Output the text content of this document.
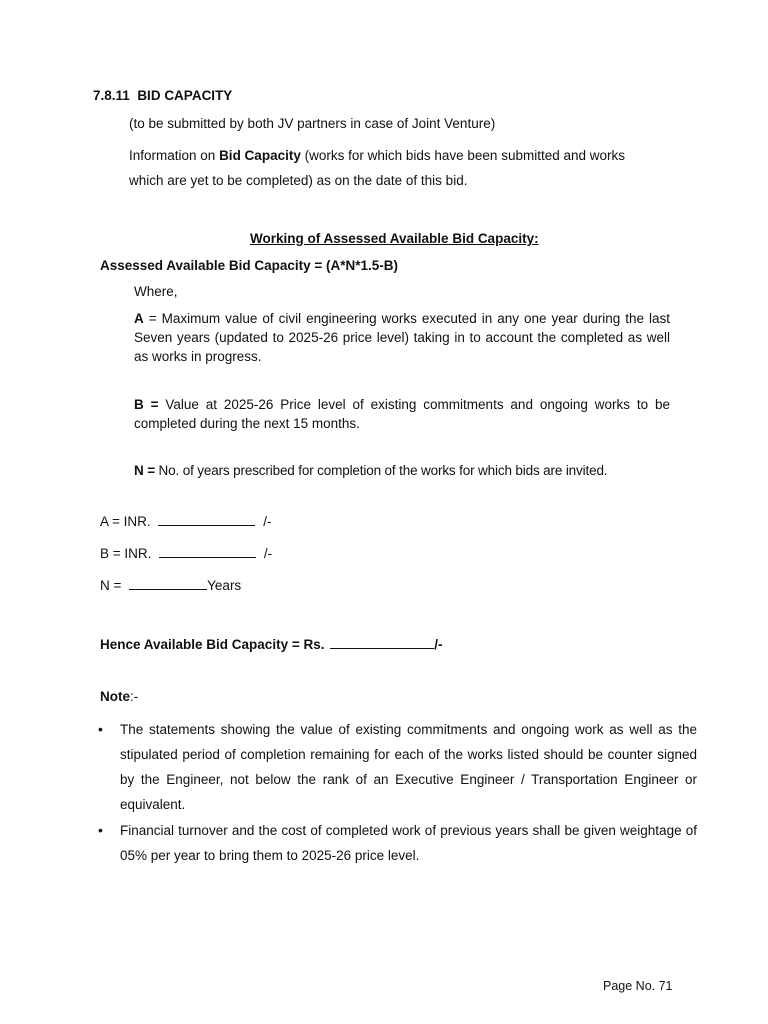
7.8.11 BID CAPACITY
(to be submitted by both JV partners in case of Joint Venture)
Information on Bid Capacity (works for which bids have been submitted and works
which are yet to be completed) as on the date of this bid.
Working of Assessed Available Bid Capacity:
Assessed Available Bid Capacity = (A*N*1.5-B)
Where,
A = Maximum value of civil engineering works executed in any one year during the last Seven years (updated to 2025-26 price level) taking in to account the completed as well as works in progress.
B = Value at 2025-26 Price level of existing commitments and ongoing works to be completed during the next 15 months.
N = No. of years prescribed for completion of the works for which bids are invited.
A = INR.	/-
B = INR.	/-
N =	Years
Hence Available Bid Capacity = Rs.	/-
Note:-
• The statements showing the value of existing commitments and ongoing work as well as the stipulated period of completion remaining for each of the works listed should be counter signed by the Engineer, not below the rank of an Executive Engineer / Transportation Engineer or equivalent.
• Financial turnover and the cost of completed work of previous years shall be given weightage of 05% per year to bring them to 2025-26 price level.
Page No. 71
